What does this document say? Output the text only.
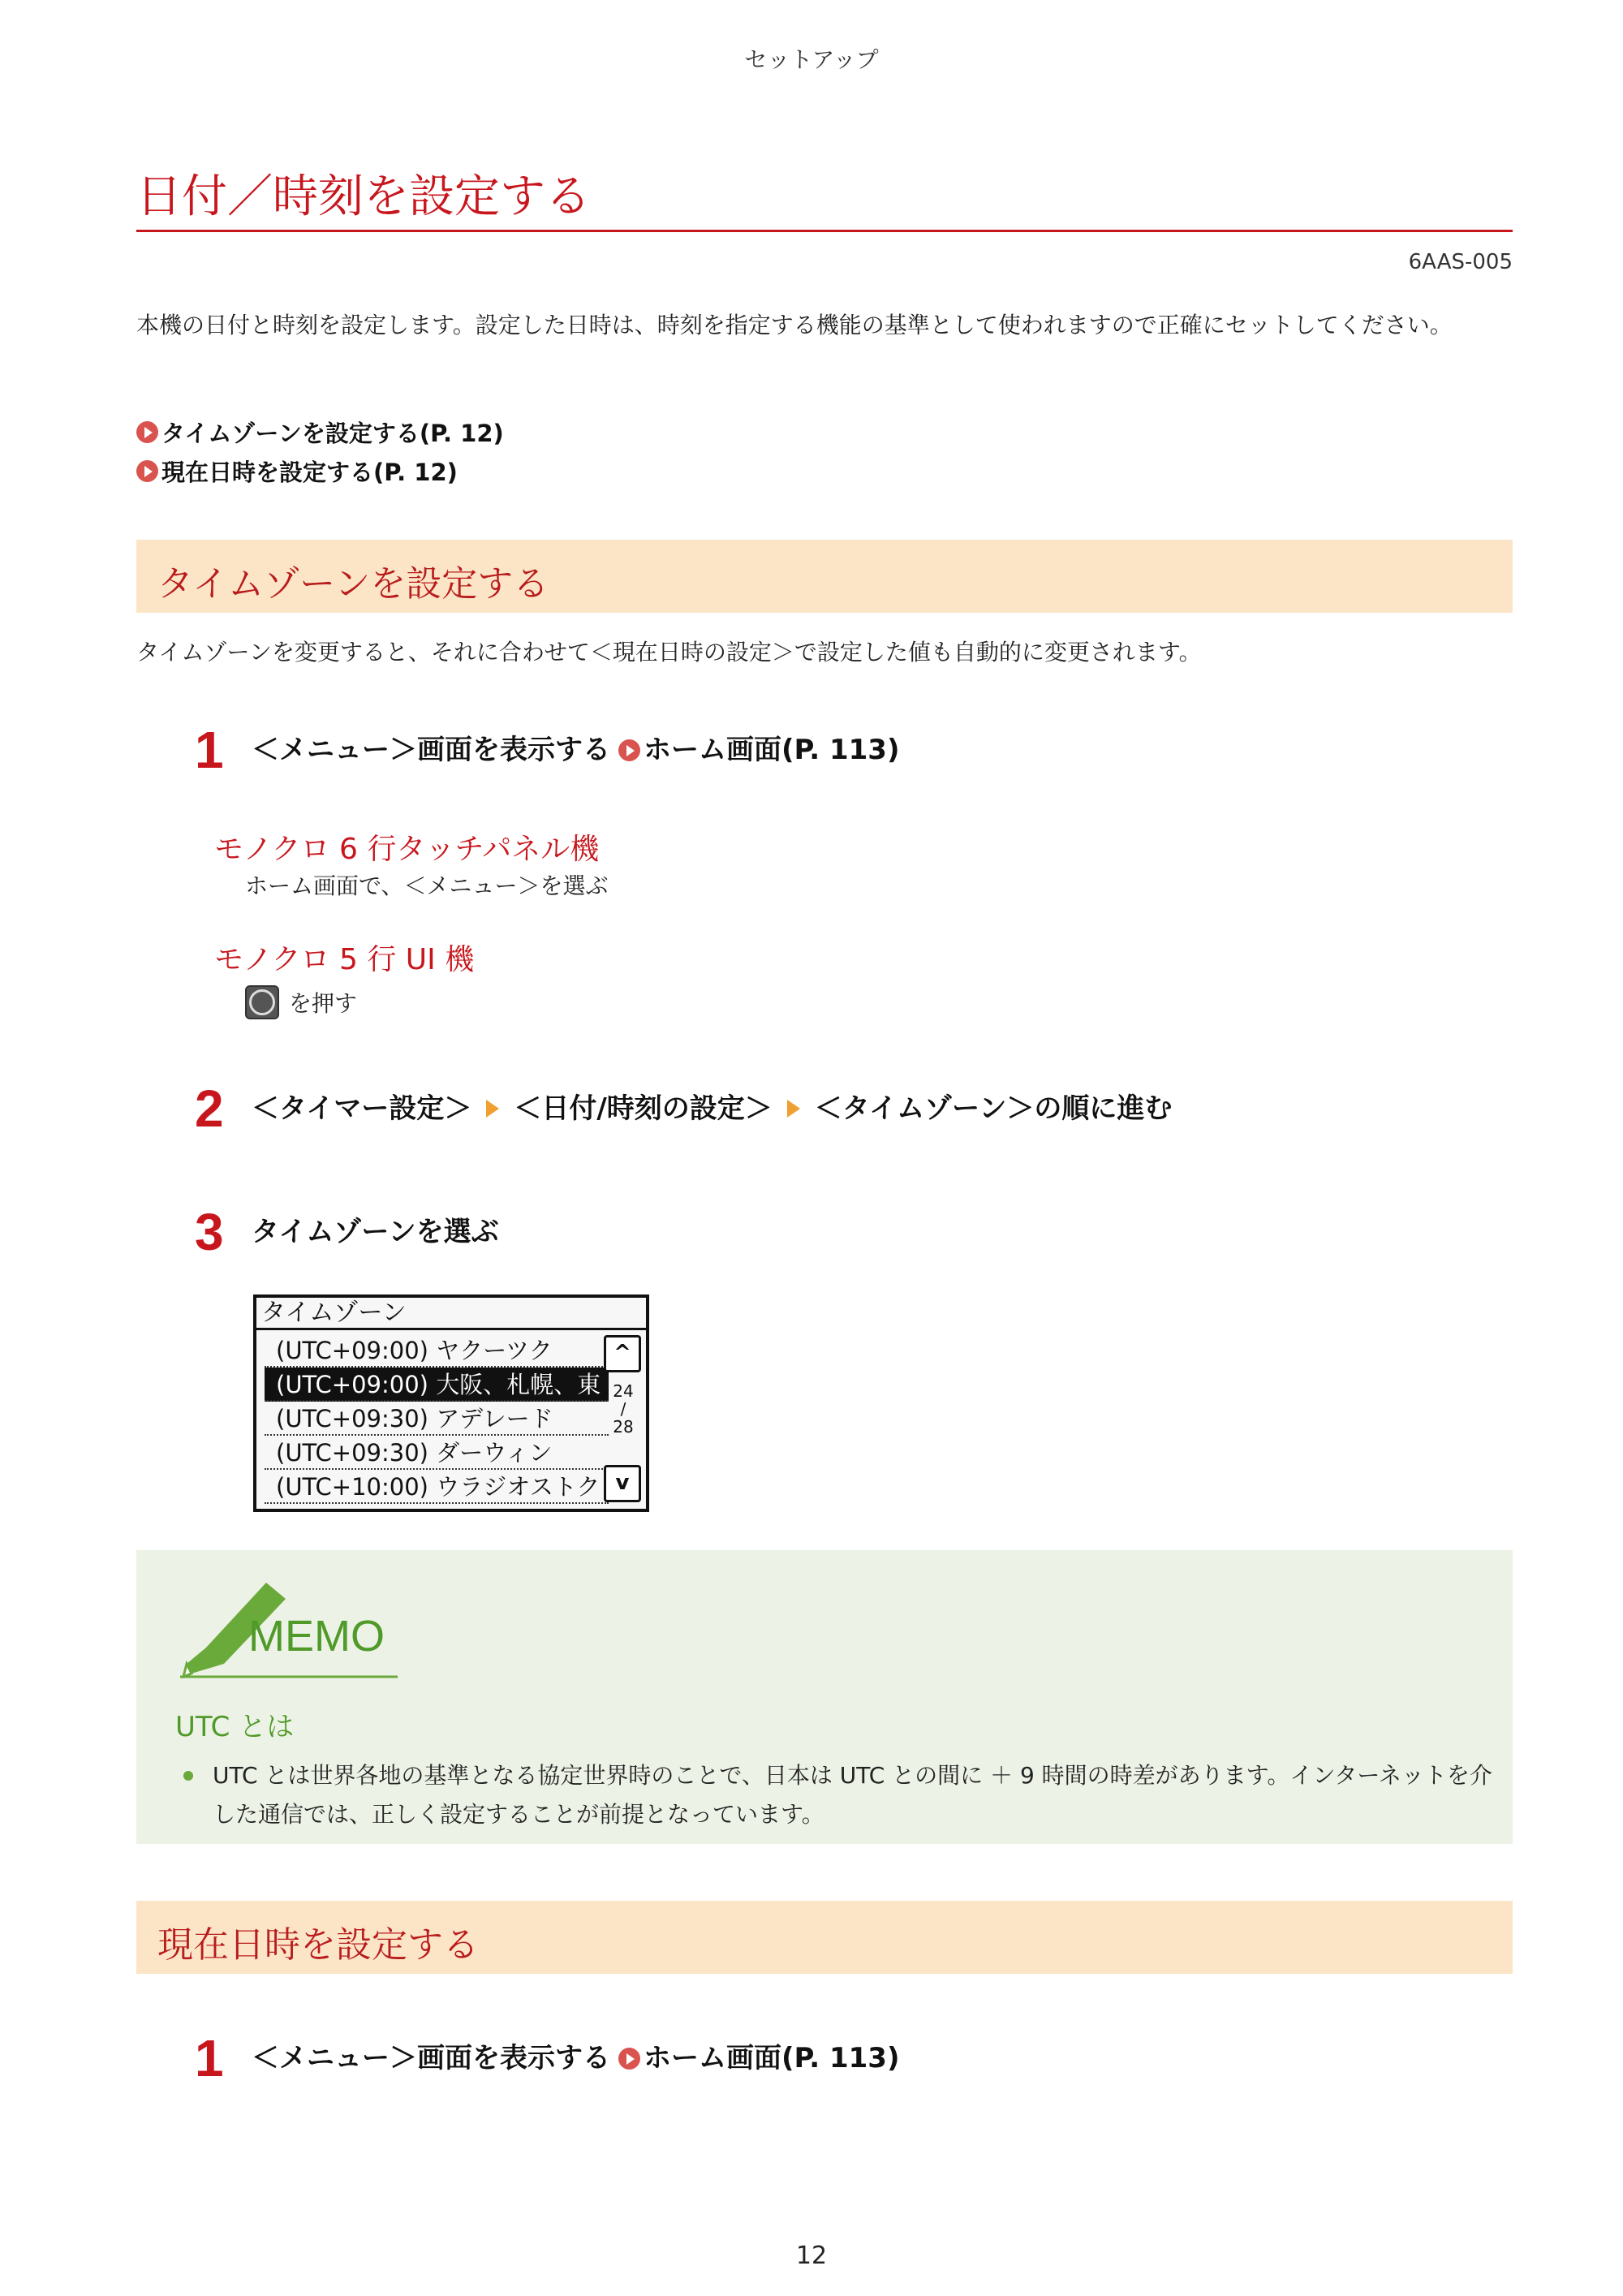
セットアップ
日付／時刻を設定する
6AAS-005

本機の日付と時刻を設定します。設定した日時は、時刻を指定する機能の基準として使われますので正確にセットしてください。

タイムゾーンを設定する(P. 12)
現在日時を設定する(P. 12)
タイムゾーンを設定する
タイムゾーンを変更すると、それに合わせて＜現在日時の設定＞で設定した値も自動的に変更されます。
1	＜メニュー＞画面を表示する ホーム画面(P. 113)
モノクロ 6 行タッチパネル機
ホーム画面で、＜メニュー＞を選ぶ
モノクロ 5 行 UI 機
を押す
2	＜タイマー設定＞ ＜日付/時刻の設定＞ ＜タイムゾーン＞の順に進む
3	タイムゾーンを選ぶ
タイムゾーン
(UTC+09:00) ヤクーツク
(UTC+09:00) 大阪、札幌、東
(UTC+09:30) アデレード
(UTC+09:30) ダーウィン
(UTC+10:00) ウラジオストク
^
24
/
28
v
MEMO
UTC とは
UTC とは世界各地の基準となる協定世界時のことで、日本は UTC との間に ＋ 9 時間の時差があります。インターネットを介した通信では、正しく設定することが前提となっています。
現在日時を設定する
1	＜メニュー＞画面を表示する ホーム画面(P. 113)
12
